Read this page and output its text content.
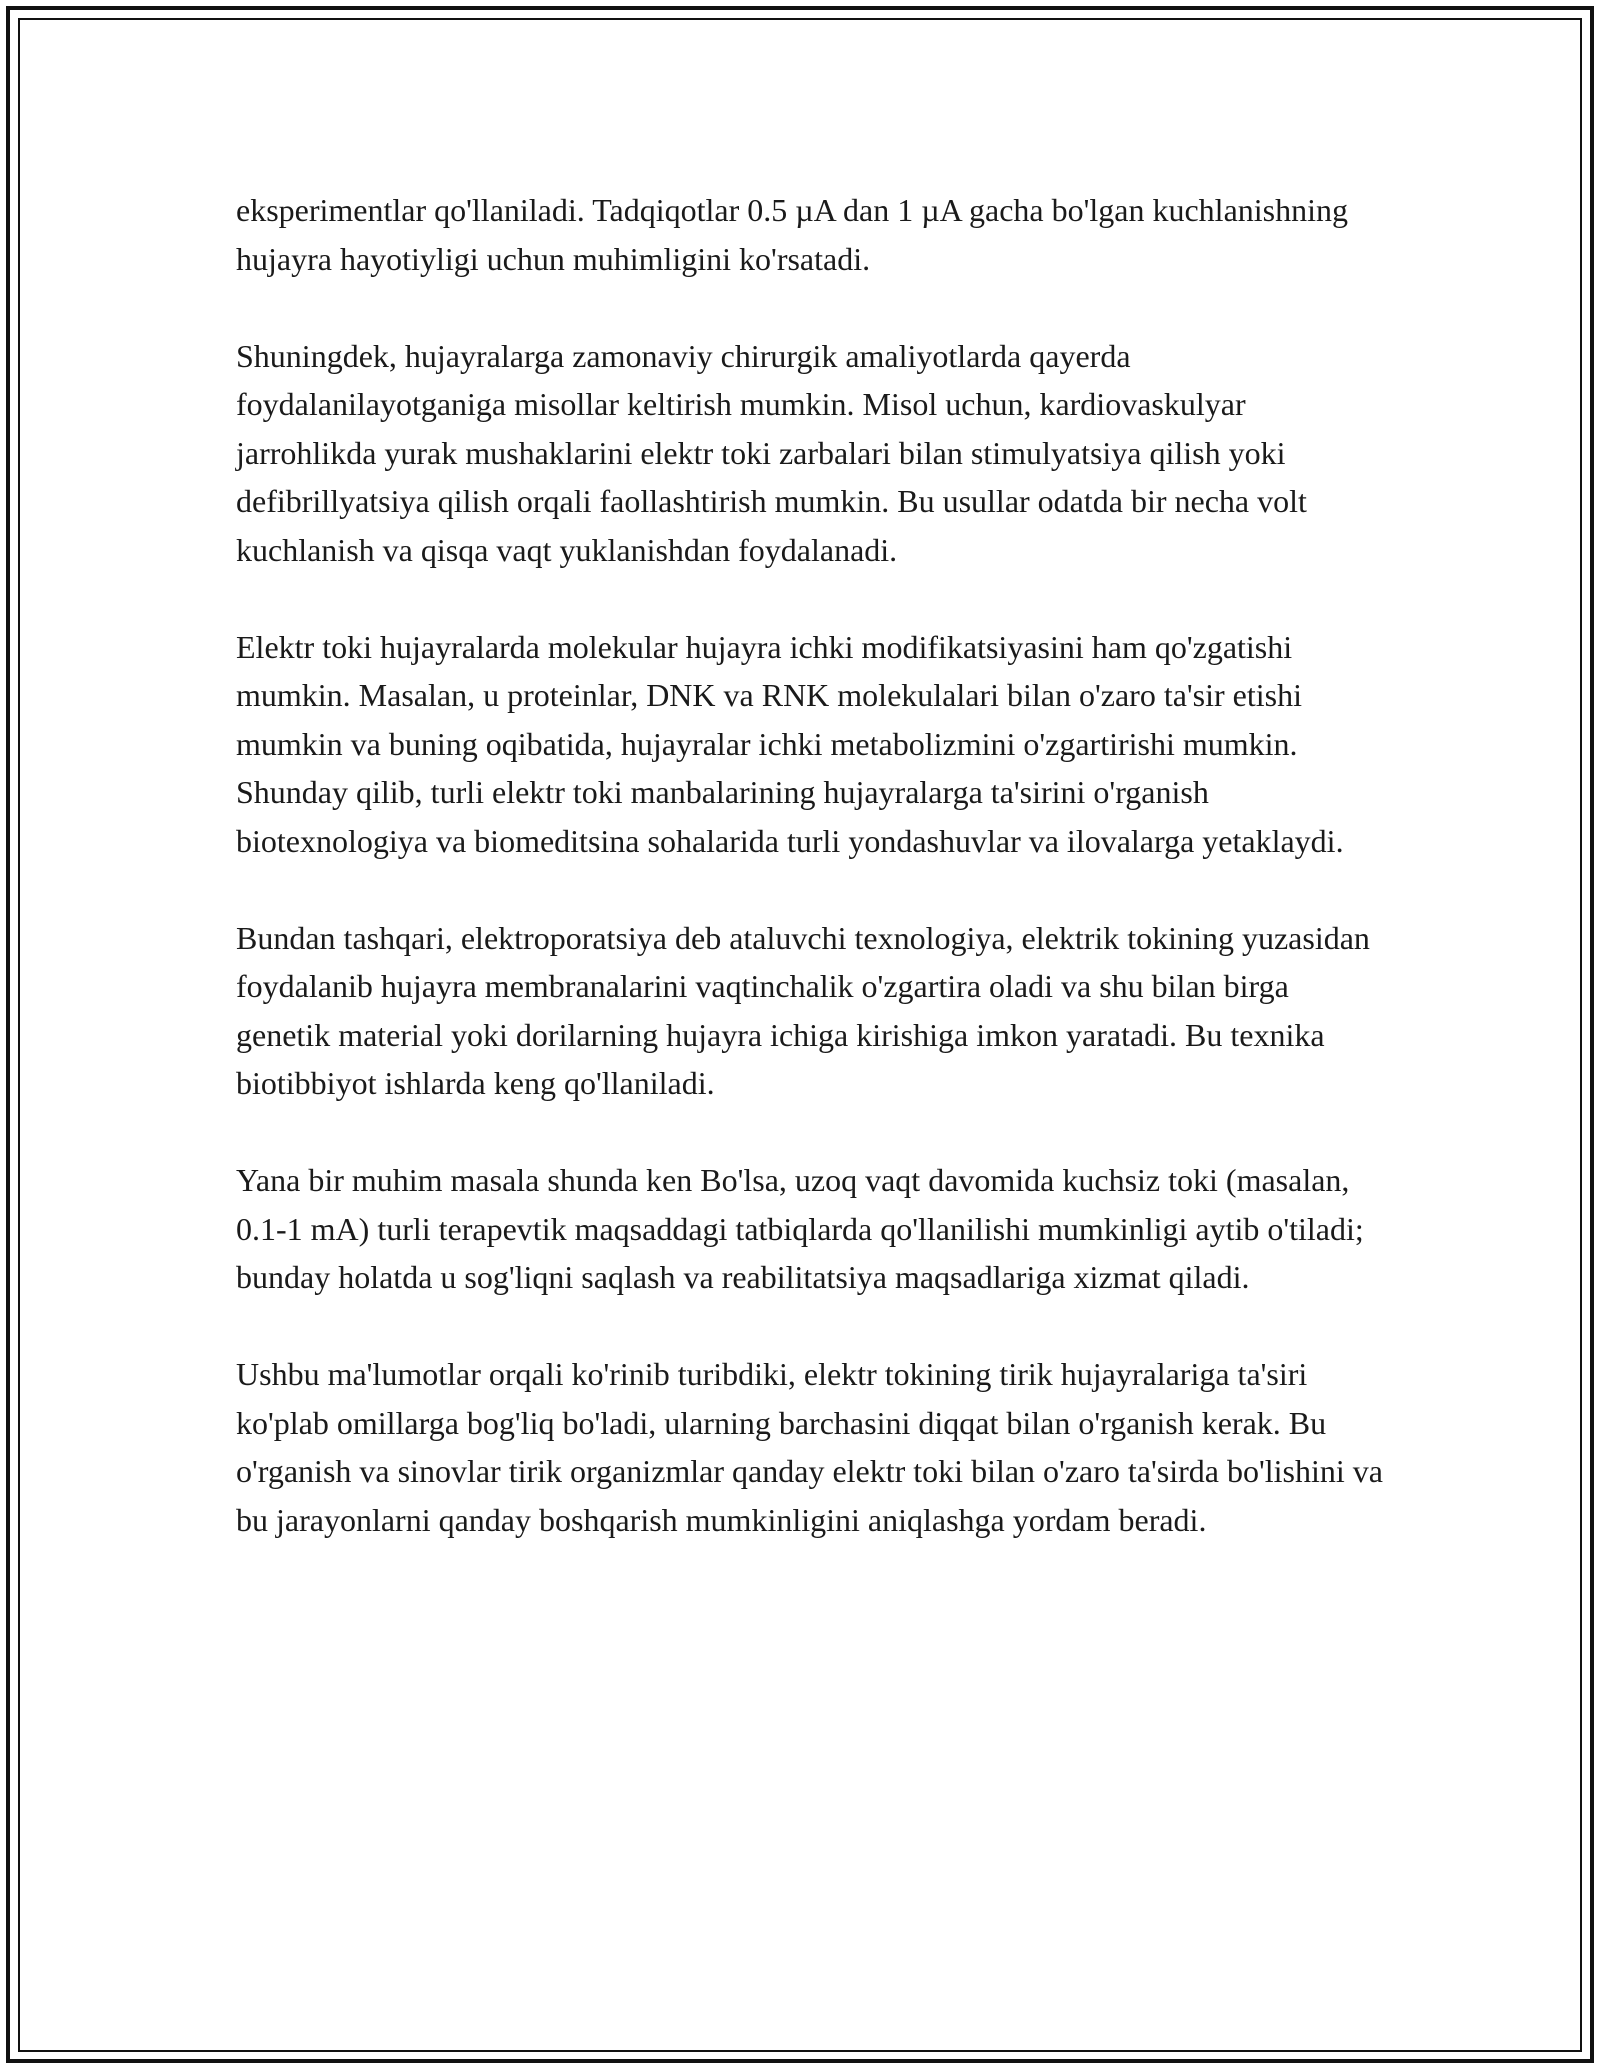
eksperimentlar qo'llaniladi. Tadqiqotlar 0.5 µA dan 1 µA gacha bo'lgan kuchlanishning hujayra hayotiyligi uchun muhimligini ko'rsatadi.

Shuningdek, hujayralarga zamonaviy chirurgik amaliyotlarda qayerda foydalanilayotganiga misollar keltirish mumkin. Misol uchun, kardiovaskulyar jarrohlikda yurak mushaklarini elektr toki zarbalari bilan stimulyatsiya qilish yoki defibrillyatsiya qilish orqali faollashtirish mumkin. Bu usullar odatda bir necha volt kuchlanish va qisqa vaqt yuklanishdan foydalanadi.

Elektr toki hujayralarda molekular hujayra ichki modifikatsiyasini ham qo'zgatishi mumkin. Masalan, u proteinlar, DNK va RNK molekulalari bilan o'zaro ta'sir etishi mumkin va buning oqibatida, hujayralar ichki metabolizmini o'zgartirishi mumkin. Shunday qilib, turli elektr toki manbalarining hujayralarga ta'sirini o'rganish biotexnologiya va biomeditsina sohalarida turli yondashuvlar va ilovalarga yetaklaydi.

Bundan tashqari, elektroporatsiya deb ataluvchi texnologiya, elektrik tokining yuzasidan foydalanib hujayra membranalarini vaqtinchalik o'zgartira oladi va shu bilan birga genetik material yoki dorilarning hujayra ichiga kirishiga imkon yaratadi. Bu texnika biotibbiyot ishlarda keng qo'llaniladi.

Yana bir muhim masala shunda ken Bo'lsa, uzoq vaqt davomida kuchsiz toki (masalan, 0.1-1 mA) turli terapevtik maqsaddagi tatbiqlarda qo'llanilishi mumkinligi aytib o'tiladi; bunday holatda u sog'liqni saqlash va reabilitatsiya maqsadlariga xizmat qiladi.

Ushbu ma'lumotlar orqali ko'rinib turibdiki, elektr tokining tirik hujayralariga ta'siri ko'plab omillarga bog'liq bo'ladi, ularning barchasini diqqat bilan o'rganish kerak. Bu o'rganish va sinovlar tirik organizmlar qanday elektr toki bilan o'zaro ta'sirda bo'lishini va bu jarayonlarni qanday boshqarish mumkinligini aniqlashga yordam beradi.
